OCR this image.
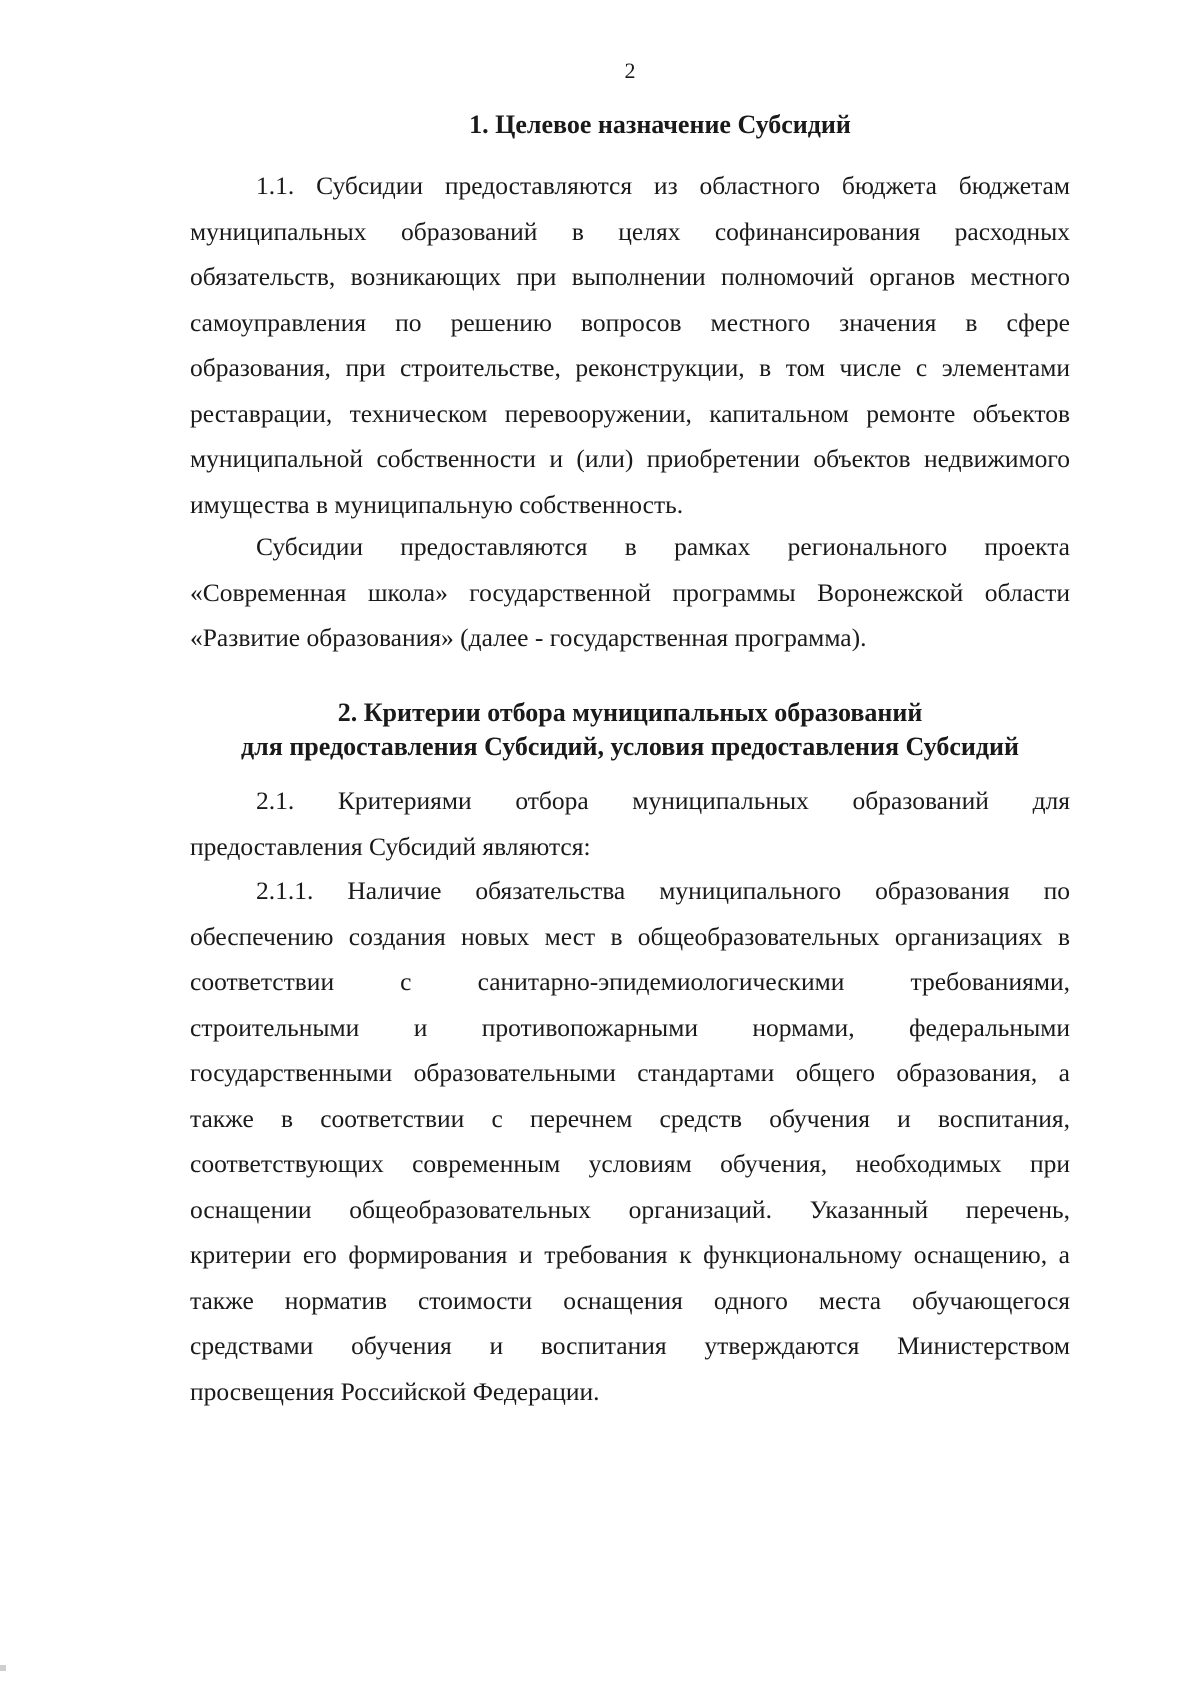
2
1. Целевое назначение Субсидий
1.1. Субсидии предоставляются из областного бюджета бюджетам
муниципальных образований в целях софинансирования расходных
обязательств, возникающих при выполнении полномочий органов местного
самоуправления по решению вопросов местного значения в сфере
образования, при строительстве, реконструкции, в том числе с элементами
реставрации, техническом перевооружении, капитальном ремонте объектов
муниципальной собственности и (или) приобретении объектов недвижимого
имущества в муниципальную собственность.
Субсидии предоставляются в рамках регионального проекта
«Современная школа» государственной программы Воронежской области
«Развитие образования» (далее - государственная программа).
2. Критерии отбора муниципальных образований
для предоставления Субсидий, условия предоставления Субсидий
2.1. Критериями отбора муниципальных образований для
предоставления Субсидий являются:
2.1.1. Наличие обязательства муниципального образования по
обеспечению создания новых мест в общеобразовательных организациях в
соответствии с санитарно-эпидемиологическими требованиями,
строительными и противопожарными нормами, федеральными
государственными образовательными стандартами общего образования, а
также в соответствии с перечнем средств обучения и воспитания,
соответствующих современным условиям обучения, необходимых при
оснащении общеобразовательных организаций. Указанный перечень,
критерии его формирования и требования к функциональному оснащению, а
также норматив стоимости оснащения одного места обучающегося
средствами обучения и воспитания утверждаются Министерством
просвещения Российской Федерации.
